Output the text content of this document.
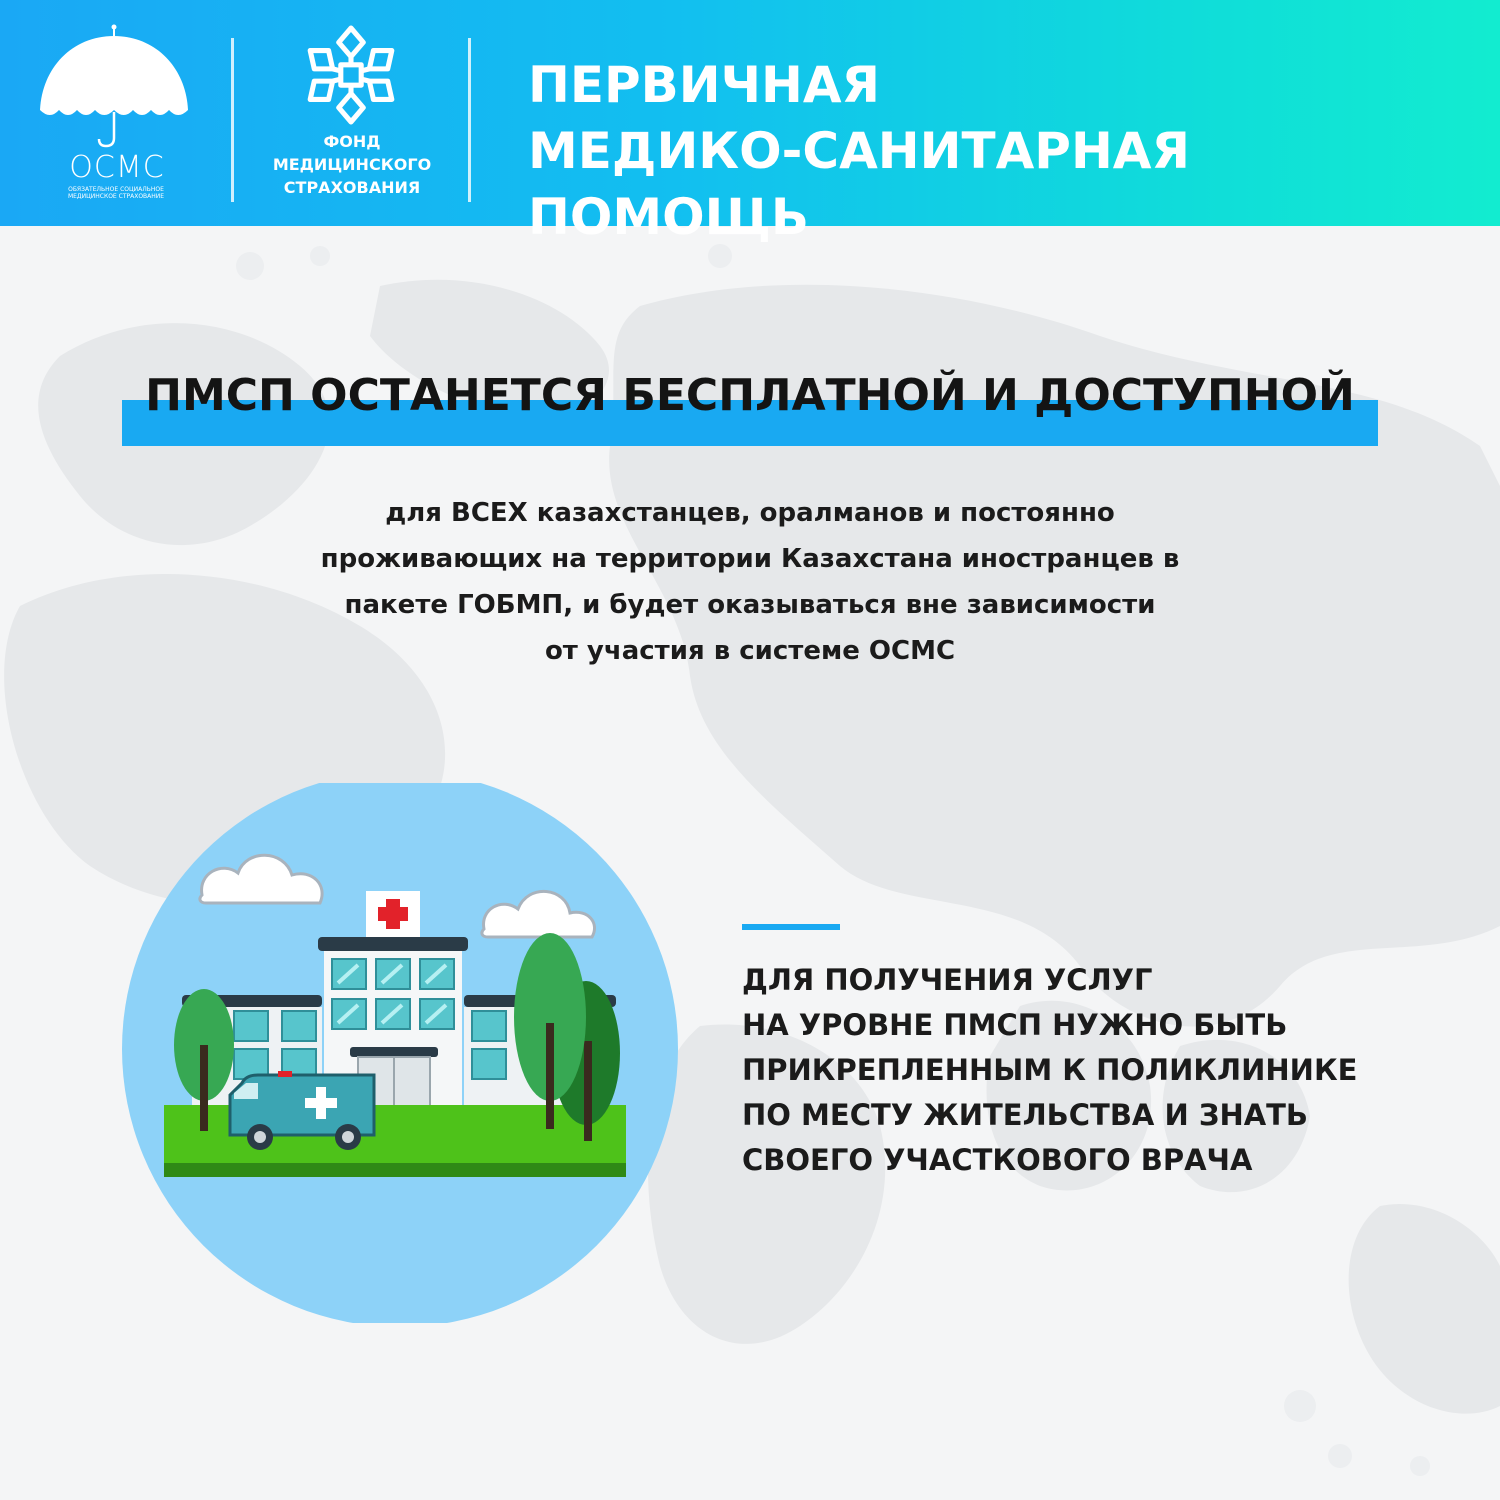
ОСМС
ОБЯЗАТЕЛЬНОЕ СОЦИАЛЬНОЕ МЕДИЦИНСКОЕ СТРАХОВАНИЕ
ФОНД
МЕДИЦИНСКОГО
СТРАХОВАНИЯ
ПЕРВИЧНАЯ
МЕДИКО-САНИТАРНАЯ ПОМОЩЬ
ПМСП ОСТАНЕТСЯ БЕСПЛАТНОЙ И ДОСТУПНОЙ
для ВСЕХ казахстанцев, оралманов и постоянно
проживающих на территории Казахстана иностранцев в
пакете ГОБМП, и будет оказываться вне зависимости
от участия в системе ОСМС
ДЛЯ ПОЛУЧЕНИЯ УСЛУГ
НА УРОВНЕ ПМСП НУЖНО БЫТЬ
ПРИКРЕПЛЕННЫМ К ПОЛИКЛИНИКЕ
ПО МЕСТУ ЖИТЕЛЬСТВА И ЗНАТЬ
СВОЕГО УЧАСТКОВОГО ВРАЧА
